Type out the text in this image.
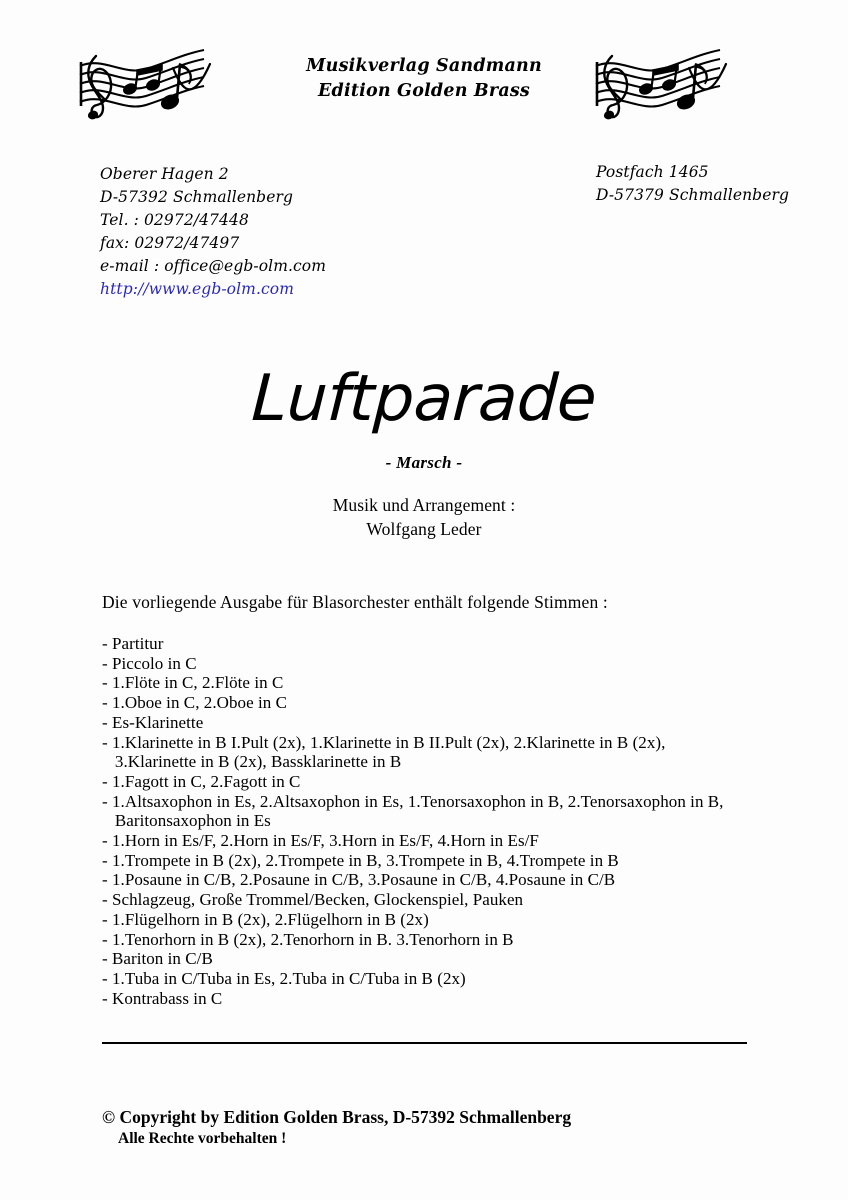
Musikverlag Sandmann
Edition Golden Brass
Oberer Hagen 2
D-57392 Schmallenberg
Tel. : 02972/47448
fax: 02972/47497
e-mail : office@egb-olm.com
http://www.egb-olm.com
Postfach 1465
D-57379 Schmallenberg
Luftparade
- Marsch -
Musik und Arrangement :
Wolfgang Leder
Die vorliegende Ausgabe für Blasorchester enthält folgende Stimmen :
- Partitur
- Piccolo in C
- 1.Flöte in C, 2.Flöte in C
- 1.Oboe in C, 2.Oboe in C
- Es-Klarinette
- 1.Klarinette in B I.Pult (2x), 1.Klarinette in B II.Pult (2x), 2.Klarinette in B (2x),
3.Klarinette in B (2x), Bassklarinette in B
- 1.Fagott in C, 2.Fagott in C
- 1.Altsaxophon in Es, 2.Altsaxophon in Es, 1.Tenorsaxophon in B, 2.Tenorsaxophon in B,
Baritonsaxophon in Es
- 1.Horn in Es/F, 2.Horn in Es/F, 3.Horn in Es/F, 4.Horn in Es/F
- 1.Trompete in B (2x), 2.Trompete in B, 3.Trompete in B, 4.Trompete in B
- 1.Posaune in C/B, 2.Posaune in C/B, 3.Posaune in C/B, 4.Posaune in C/B
- Schlagzeug, Große Trommel/Becken, Glockenspiel, Pauken
- 1.Flügelhorn in B (2x), 2.Flügelhorn in B (2x)
- 1.Tenorhorn in B (2x), 2.Tenorhorn in B. 3.Tenorhorn in B
- Bariton in C/B
- 1.Tuba in C/Tuba in Es, 2.Tuba in C/Tuba in B (2x)
- Kontrabass in C
© Copyright by Edition Golden Brass, D-57392 Schmallenberg
Alle Rechte vorbehalten !
